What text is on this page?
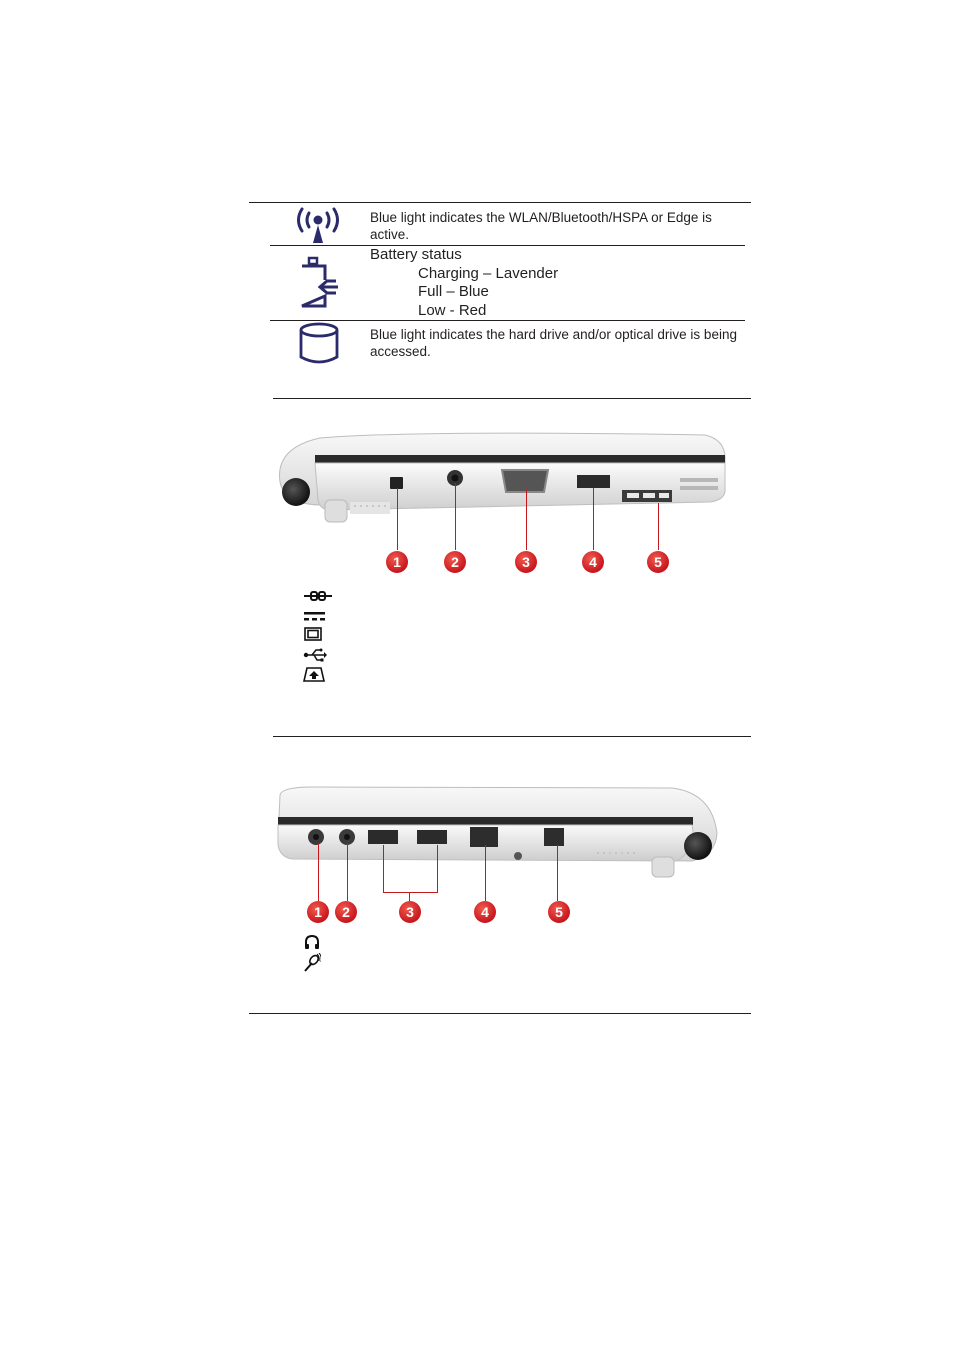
Blue light indicates the WLAN/Bluetooth/HSPA or Edge is active.
Battery status
Charging – Lavender
Full – Blue
Low - Red
Blue light indicates the hard drive and/or optical drive is being accessed.
1	2	3	4	5
1	2	3	4	5
